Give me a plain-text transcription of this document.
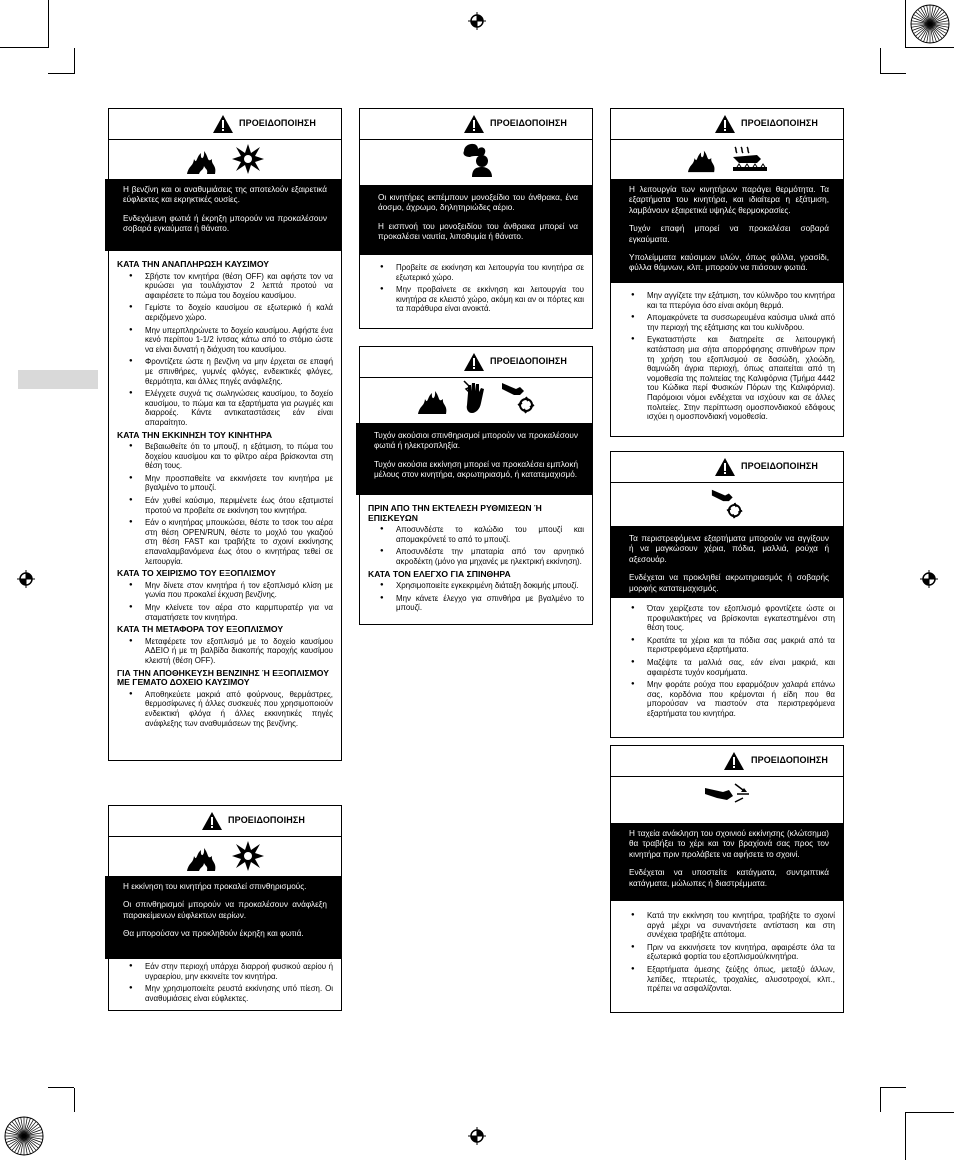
ΠΡΟΕΙΔΟΠΟΙΗΣΗ

Η βενζίνη και οι αναθυμιάσεις της αποτελούν εξαιρετικά εύφλεκτες και εκρηκτικές ουσίες.

Ενδεχόμενη φωτιά ή έκρηξη μπορούν να προκαλέσουν σοβαρά εγκαύματα ή θάνατο.

ΚΑΤΑ ΤΗΝ ΑΝΑΠΛΗΡΩΣΗ ΚΑΥΣΙΜΟΥ
● Σβήστε τον κινητήρα (θέση OFF) και αφήστε τον να κρυώσει για τουλάχιστον 2 λεπτά προτού να αφαιρέσετε το πώμα του δοχείου καυσίμου.
● Γεμίστε το δοχείο καυσίμου σε εξωτερικό ή καλά αεριζόμενο χώρο.
● Μην υπερπληρώνετε το δοχείο καυσίμου. Αφήστε ένα κενό περίπου 1-1/2 ίντσας κάτω από το στόμιο ώστε να είναι δυνατή η διάχυση του καυσίμου.
● Φροντίζετε ώστε η βενζίνη να μην έρχεται σε επαφή με σπινθήρες, γυμνές φλόγες, ενδεικτικές φλόγες, θερμότητα, και άλλες πηγές ανάφλεξης.
● Ελέγχετε συχνά τις σωληνώσεις καυσίμου, το δοχείο καυσίμου, το πώμα και τα εξαρτήματα για ρωγμές και διαρροές. Κάντε αντικαταστάσεις εάν είναι απαραίτητο.
ΚΑΤΑ ΤΗΝ ΕΚΚΙΝΗΣΗ ΤΟΥ ΚΙΝΗΤΗΡΑ
● Βεβαιωθείτε ότι το μπουζί, η εξάτμιση, το πώμα του δοχείου καυσίμου και το φίλτρο αέρα βρίσκονται στη θέση τους.
● Μην προσπαθείτε να εκκινήσετε τον κινητήρα με βγαλμένο το μπουζί.
● Εάν χυθεί καύσιμο, περιμένετε έως ότου εξατμιστεί προτού να προβείτε σε εκκίνηση του κινητήρα.
● Εάν ο κινητήρας μπουκώσει, θέστε το τσοκ του αέρα στη θέση OPEN/RUN, θέστε το μοχλό του γκαζιού στη θέση FAST και τραβήξτε το σχοινί εκκίνησης επαναλαμβανόμενα έως ότου ο κινητήρας τεθεί σε λειτουργία.
ΚΑΤΑ ΤΟ ΧΕΙΡΙΣΜΟ ΤΟΥ ΕΞΟΠΛΙΣΜΟΥ
● Μην δίνετε στον κινητήρα ή τον εξοπλισμό κλίση με γωνία που προκαλεί έκχυση βενζίνης.
● Μην κλείνετε τον αέρα στο καρμπυρατέρ για να σταματήσετε τον κινητήρα.
ΚΑΤΑ ΤΗ ΜΕΤΑΦΟΡΑ ΤΟΥ ΕΞΟΠΛΙΣΜΟΥ
● Μεταφέρετε τον εξοπλισμό με το δοχείο καυσίμου ΑΔΕΙΟ ή με τη βαλβίδα διακοπής παροχής καυσίμου κλειστή (θέση OFF).
ΓΙΑ ΤΗΝ ΑΠΟΘΗΚΕΥΣΗ ΒΕΝΖΙΝΗΣ Ή ΕΞΟΠΛΙΣΜΟΥ ΜΕ ΓΕΜΑΤΟ ΔΟΧΕΙΟ ΚΑΥΣΙΜΟΥ
● Αποθηκεύετε μακριά από φούρνους, θερμάστρες, θερμοσίφωνες ή άλλες συσκευές που χρησιμοποιούν ενδεικτική φλόγα ή άλλες εκκινητικές πηγές ανάφλεξης των αναθυμιάσεων της βενζίνης.
ΠΡΟΕΙΔΟΠΟΙΗΣΗ

Η εκκίνηση του κινητήρα προκαλεί σπινθηρισμούς.

Οι σπινθηρισμοί μπορούν να προκαλέσουν ανάφλεξη παρακείμενων εύφλεκτων αερίων.

Θα μπορούσαν να προκληθούν έκρηξη και φωτιά.

● Εάν στην περιοχή υπάρχει διαρροή φυσικού αερίου ή υγραερίου, μην εκκινείτε τον κινητήρα.
● Μην χρησιμοποιείτε ρευστά εκκίνησης υπό πίεση. Οι αναθυμιάσεις είναι εύφλεκτες.
ΠΡΟΕΙΔΟΠΟΙΗΣΗ

Οι κινητήρες εκπέμπουν μονοξείδιο του άνθρακα, ένα άοσμο, άχρωμο, δηλητηριώδες αέριο.

Η εισπνοή του μονοξειδίου του άνθρακα μπορεί να προκαλέσει ναυτία, λιποθυμία ή θάνατο.

● Προβείτε σε εκκίνηση και λειτουργία του κινητήρα σε εξωτερικό χώρο.
● Μην προβαίνετε σε εκκίνηση και λειτουργία του κινητήρα σε κλειστό χώρο, ακόμη και αν οι πόρτες και τα παράθυρα είναι ανοικτά.
ΠΡΟΕΙΔΟΠΟΙΗΣΗ

Τυχόν ακούσιοι σπινθηρισμοί μπορούν να προκαλέσουν φωτιά ή ηλεκτροπληξία.

Τυχόν ακούσια εκκίνηση μπορεί να προκαλέσει εμπλοκή μέλους στον κινητήρα, ακρωτηριασμό, ή κατατεμαχισμό.

ΠΡΙΝ ΑΠΟ ΤΗΝ ΕΚΤΕΛΕΣΗ ΡΥΘΜΙΣΕΩΝ Ή ΕΠΙΣΚΕΥΩΝ
● Αποσυνδέστε το καλώδιο του μπουζί και απομακρύνετέ το από το μπουζί.
● Αποσυνδέστε την μπαταρία από τον αρνητικό ακροδέκτη (μόνο για μηχανές με ηλεκτρική εκκίνηση).
ΚΑΤΑ ΤΟΝ ΕΛΕΓΧΟ ΓΙΑ ΣΠΙΝΘΗΡΑ
● Χρησιμοποιείτε εγκεκριμένη διάταξη δοκιμής μπουζί.
● Μην κάνετε έλεγχο για σπινθήρα με βγαλμένο το μπουζί.
ΠΡΟΕΙΔΟΠΟΙΗΣΗ

Η λειτουργία των κινητήρων παράγει θερμότητα. Τα εξαρτήματα του κινητήρα, και ιδιαίτερα η εξάτμιση, λαμβάνουν εξαιρετικά υψηλές θερμοκρασίες.

Τυχόν επαφή μπορεί να προκαλέσει σοβαρά εγκαύματα.

Υπολείμματα καύσιμων υλών, όπως φύλλα, γρασίδι, φύλλα θάμνων, κλπ. μπορούν να πιάσουν φωτιά.

● Μην αγγίζετε την εξάτμιση, τον κύλινδρο του κινητήρα και τα πτερύγια όσο είναι ακόμη θερμά.
● Απομακρύνετε τα συσσωρευμένα καύσιμα υλικά από την περιοχή της εξάτμισης και του κυλίνδρου.
● Εγκαταστήστε και διατηρείτε σε λειτουργική κατάσταση μια σήτα απορρόφησης σπινθήρων πριν τη χρήση του εξοπλισμού σε δασώδη, χλοώδη, θαμνώδη άγρια περιοχή, όπως απαιτείται από τη νομοθεσία της πολιτείας της Καλιφόρνια (Τμήμα 4442 του Κώδικα περί Φυσικών Πόρων της Καλιφόρνια). Παρόμοιοι νόμοι ενδέχεται να ισχύουν και σε άλλες πολιτείες. Στην περίπτωση ομοσπονδιακού εδάφους ισχύει η ομοσπονδιακή νομοθεσία.
ΠΡΟΕΙΔΟΠΟΙΗΣΗ

Τα περιστρεφόμενα εξαρτήματα μπορούν να αγγίξουν ή να μαγκώσουν χέρια, πόδια, μαλλιά, ρούχα ή αξεσουάρ.

Ενδέχεται να προκληθεί ακρωτηριασμός ή σοβαρής μορφής κατατεμαχισμός.

● Όταν χειρίζεστε τον εξοπλισμό φροντίζετε ώστε οι προφυλακτήρες να βρίσκονται εγκατεστημένοι στη θέση τους.
● Κρατάτε τα χέρια και τα πόδια σας μακριά από τα περιστρεφόμενα εξαρτήματα.
● Μαζέψτε τα μαλλιά σας, εάν είναι μακριά, και αφαιρέστε τυχόν κοσμήματα.
● Μην φοράτε ρούχα που εφαρμόζουν χαλαρά επάνω σας, κορδόνια που κρέμονται ή είδη που θα μπορούσαν να πιαστούν στα περιστρεφόμενα εξαρτήματα του κινητήρα.
ΠΡΟΕΙΔΟΠΟΙΗΣΗ

Η ταχεία ανάκληση του σχοινιού εκκίνησης (κλώτσημα) θα τραβήξει το χέρι και τον βραχίονά σας προς τον κινητήρα πριν προλάβετε να αφήσετε το σχοινί.

Ενδέχεται να υποστείτε κατάγματα, συντριπτικά κατάγματα, μώλωπες ή διαστρέμματα.

● Κατά την εκκίνηση του κινητήρα, τραβήξτε το σχοινί αργά μέχρι να συναντήσετε αντίσταση και στη συνέχεια τραβήξτε απότομα.
● Πριν να εκκινήσετε τον κινητήρα, αφαιρέστε όλα τα εξωτερικά φορτία του εξοπλισμού/κινητήρα.
● Εξαρτήματα άμεσης ζεύξης όπως, μεταξύ άλλων, λεπίδες, πτερωτές, τροχαλίες, αλυσοτροχοί, κλπ., πρέπει να ασφαλίζονται.
